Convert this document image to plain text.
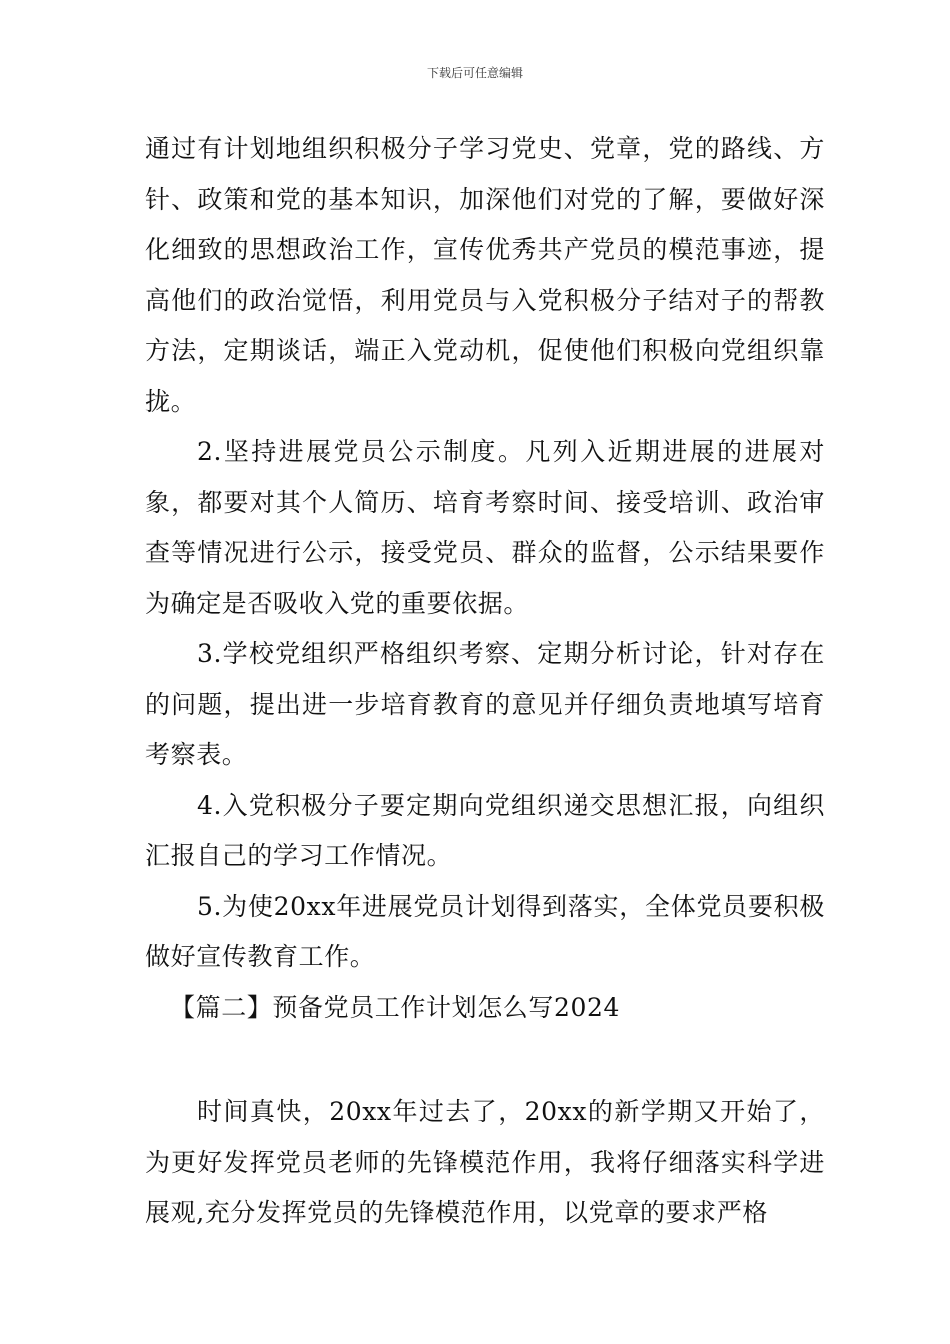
下载后可任意编辑

通过有计划地组织积极分子学习党史、党章，党的路线、方针、政策和党的基本知识，加深他们对党的了解，要做好深化细致的思想政治工作，宣传优秀共产党员的模范事迹，提高他们的政治觉悟，利用党员与入党积极分子结对子的帮教方法，定期谈话，端正入党动机，促使他们积极向党组织靠拢。

2.坚持进展党员公示制度。凡列入近期进展的进展对象，都要对其个人简历、培育考察时间、接受培训、政治审查等情况进行公示，接受党员、群众的监督，公示结果要作为确定是否吸收入党的重要依据。

3.学校党组织严格组织考察、定期分析讨论，针对存在的问题，提出进一步培育教育的意见并仔细负责地填写培育考察表。

4.入党积极分子要定期向党组织递交思想汇报，向组织汇报自己的学习工作情况。

5.为使20xx年进展党员计划得到落实，全体党员要积极做好宣传教育工作。

【篇二】预备党员工作计划怎么写2024

时间真快，20xx年过去了，20xx的新学期又开始了，为更好发挥党员老师的先锋模范作用，我将仔细落实科学进展观,充分发挥党员的先锋模范作用，以党章的要求严格
